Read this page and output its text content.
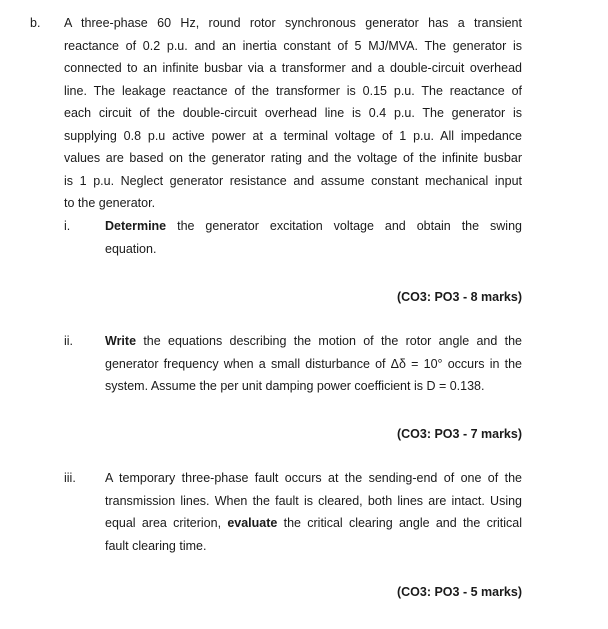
b. A three-phase 60 Hz, round rotor synchronous generator has a transient
reactance of 0.2 p.u. and an inertia constant of 5 MJ/MVA. The generator is
connected to an infinite busbar via a transformer and a double-circuit overhead
line. The leakage reactance of the transformer is 0.15 p.u. The reactance of
each circuit of the double-circuit overhead line is 0.4 p.u. The generator is
supplying 0.8 p.u active power at a terminal voltage of 1 p.u. All impedance
values are based on the generator rating and the voltage of the infinite busbar
is 1 p.u. Neglect generator resistance and assume constant mechanical input
to the generator.
i.	Determine the generator excitation voltage and obtain the swing
equation.
(CO3: PO3 - 8 marks)
ii.	Write the equations describing the motion of the rotor angle and the
generator frequency when a small disturbance of Δδ = 10° occurs in the
system. Assume the per unit damping power coefficient is D = 0.138.
(CO3: PO3 - 7 marks)
iii. A temporary three-phase fault occurs at the sending-end of one of the
transmission lines. When the fault is cleared, both lines are intact. Using
equal area criterion, evaluate the critical clearing angle and the critical
fault clearing time.
(CO3: PO3 - 5 marks)
